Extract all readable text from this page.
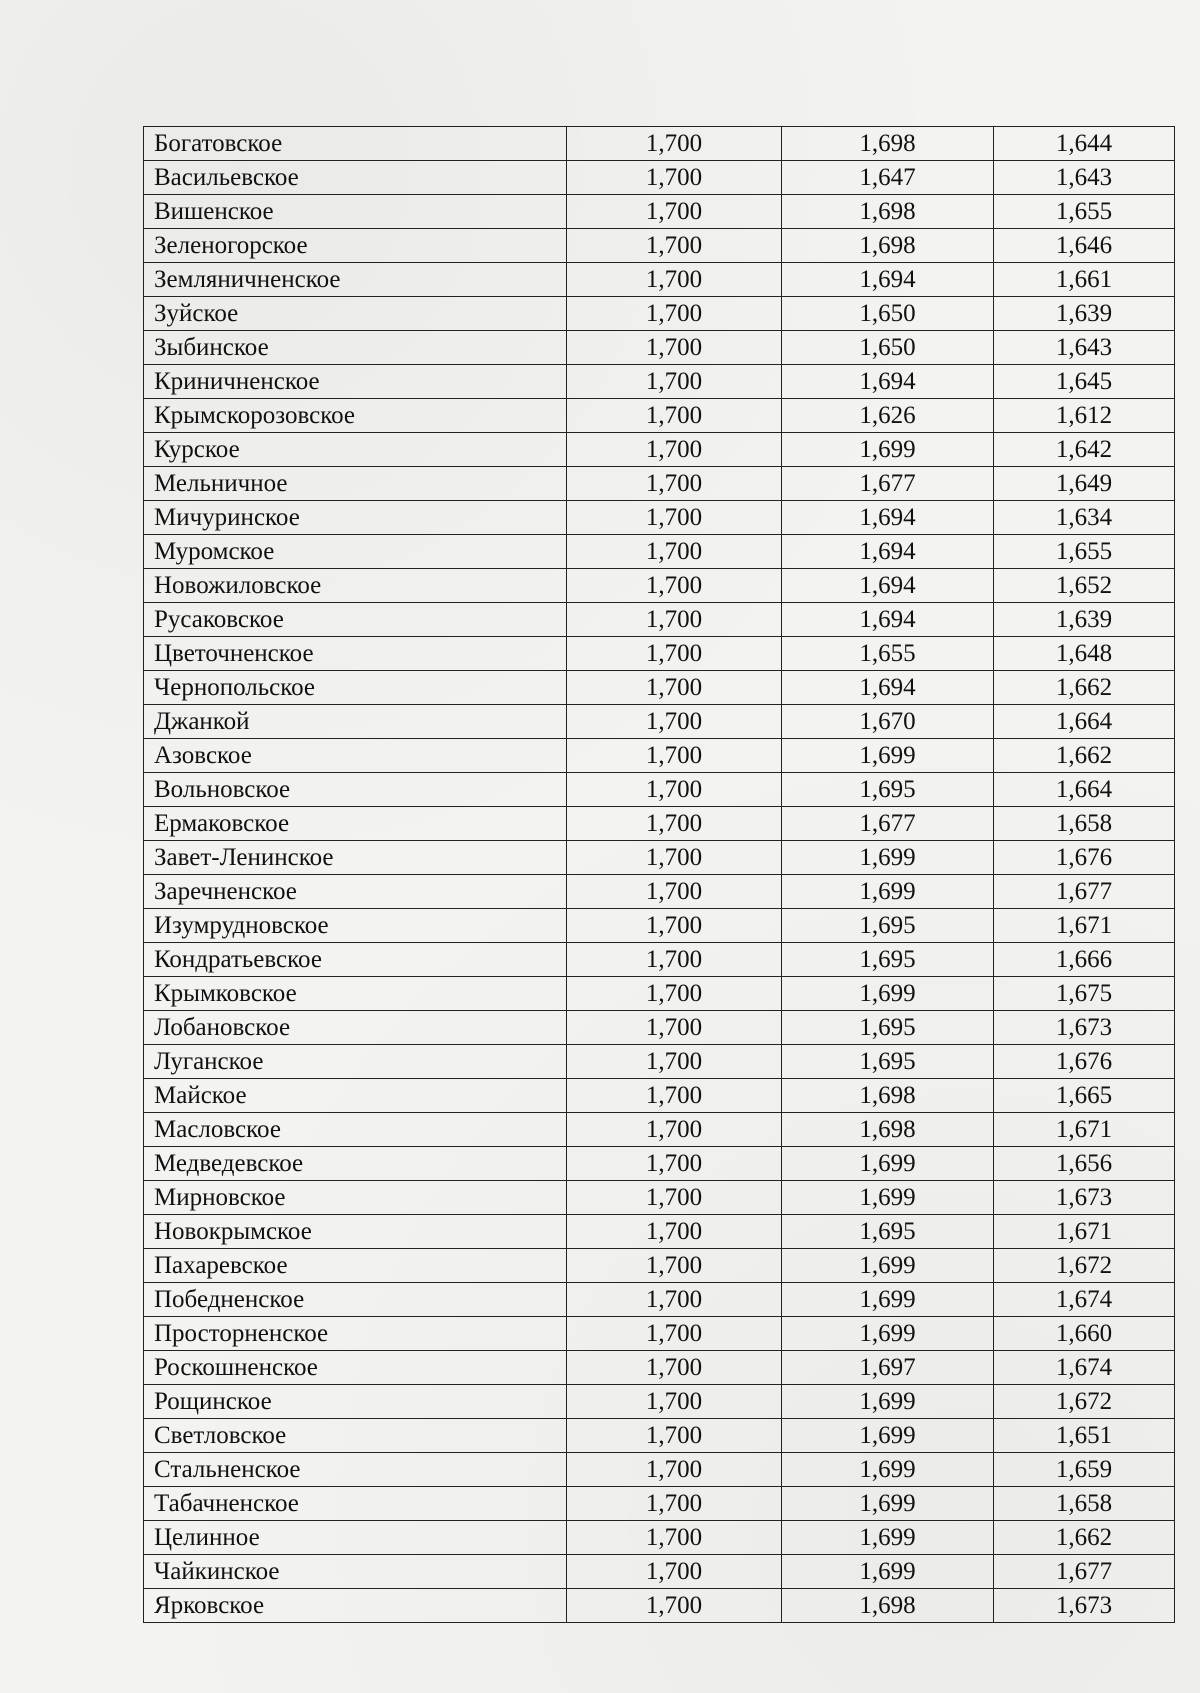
Богатовское	1,700	1,698	1,644
Васильевское	1,700	1,647	1,643
Вишенское	1,700	1,698	1,655
Зеленогорское	1,700	1,698	1,646
Земляничненское	1,700	1,694	1,661
Зуйское	1,700	1,650	1,639
Зыбинское	1,700	1,650	1,643
Криничненское	1,700	1,694	1,645
Крымскорозовское	1,700	1,626	1,612
Курское	1,700	1,699	1,642
Мельничное	1,700	1,677	1,649
Мичуринское	1,700	1,694	1,634
Муромское	1,700	1,694	1,655
Новожиловское	1,700	1,694	1,652
Русаковское	1,700	1,694	1,639
Цветочненское	1,700	1,655	1,648
Чернопольское	1,700	1,694	1,662
Джанкой	1,700	1,670	1,664
Азовское	1,700	1,699	1,662
Вольновское	1,700	1,695	1,664
Ермаковское	1,700	1,677	1,658
Завет-Ленинское	1,700	1,699	1,676
Заречненское	1,700	1,699	1,677
Изумрудновское	1,700	1,695	1,671
Кондратьевское	1,700	1,695	1,666
Крымковское	1,700	1,699	1,675
Лобановское	1,700	1,695	1,673
Луганское	1,700	1,695	1,676
Майское	1,700	1,698	1,665
Масловское	1,700	1,698	1,671
Медведевское	1,700	1,699	1,656
Мирновское	1,700	1,699	1,673
Новокрымское	1,700	1,695	1,671
Пахаревское	1,700	1,699	1,672
Победненское	1,700	1,699	1,674
Просторненское	1,700	1,699	1,660
Роскошненское	1,700	1,697	1,674
Рощинское	1,700	1,699	1,672
Светловское	1,700	1,699	1,651
Стальненское	1,700	1,699	1,659
Табачненское	1,700	1,699	1,658
Целинное	1,700	1,699	1,662
Чайкинское	1,700	1,699	1,677
Ярковское	1,700	1,698	1,673
